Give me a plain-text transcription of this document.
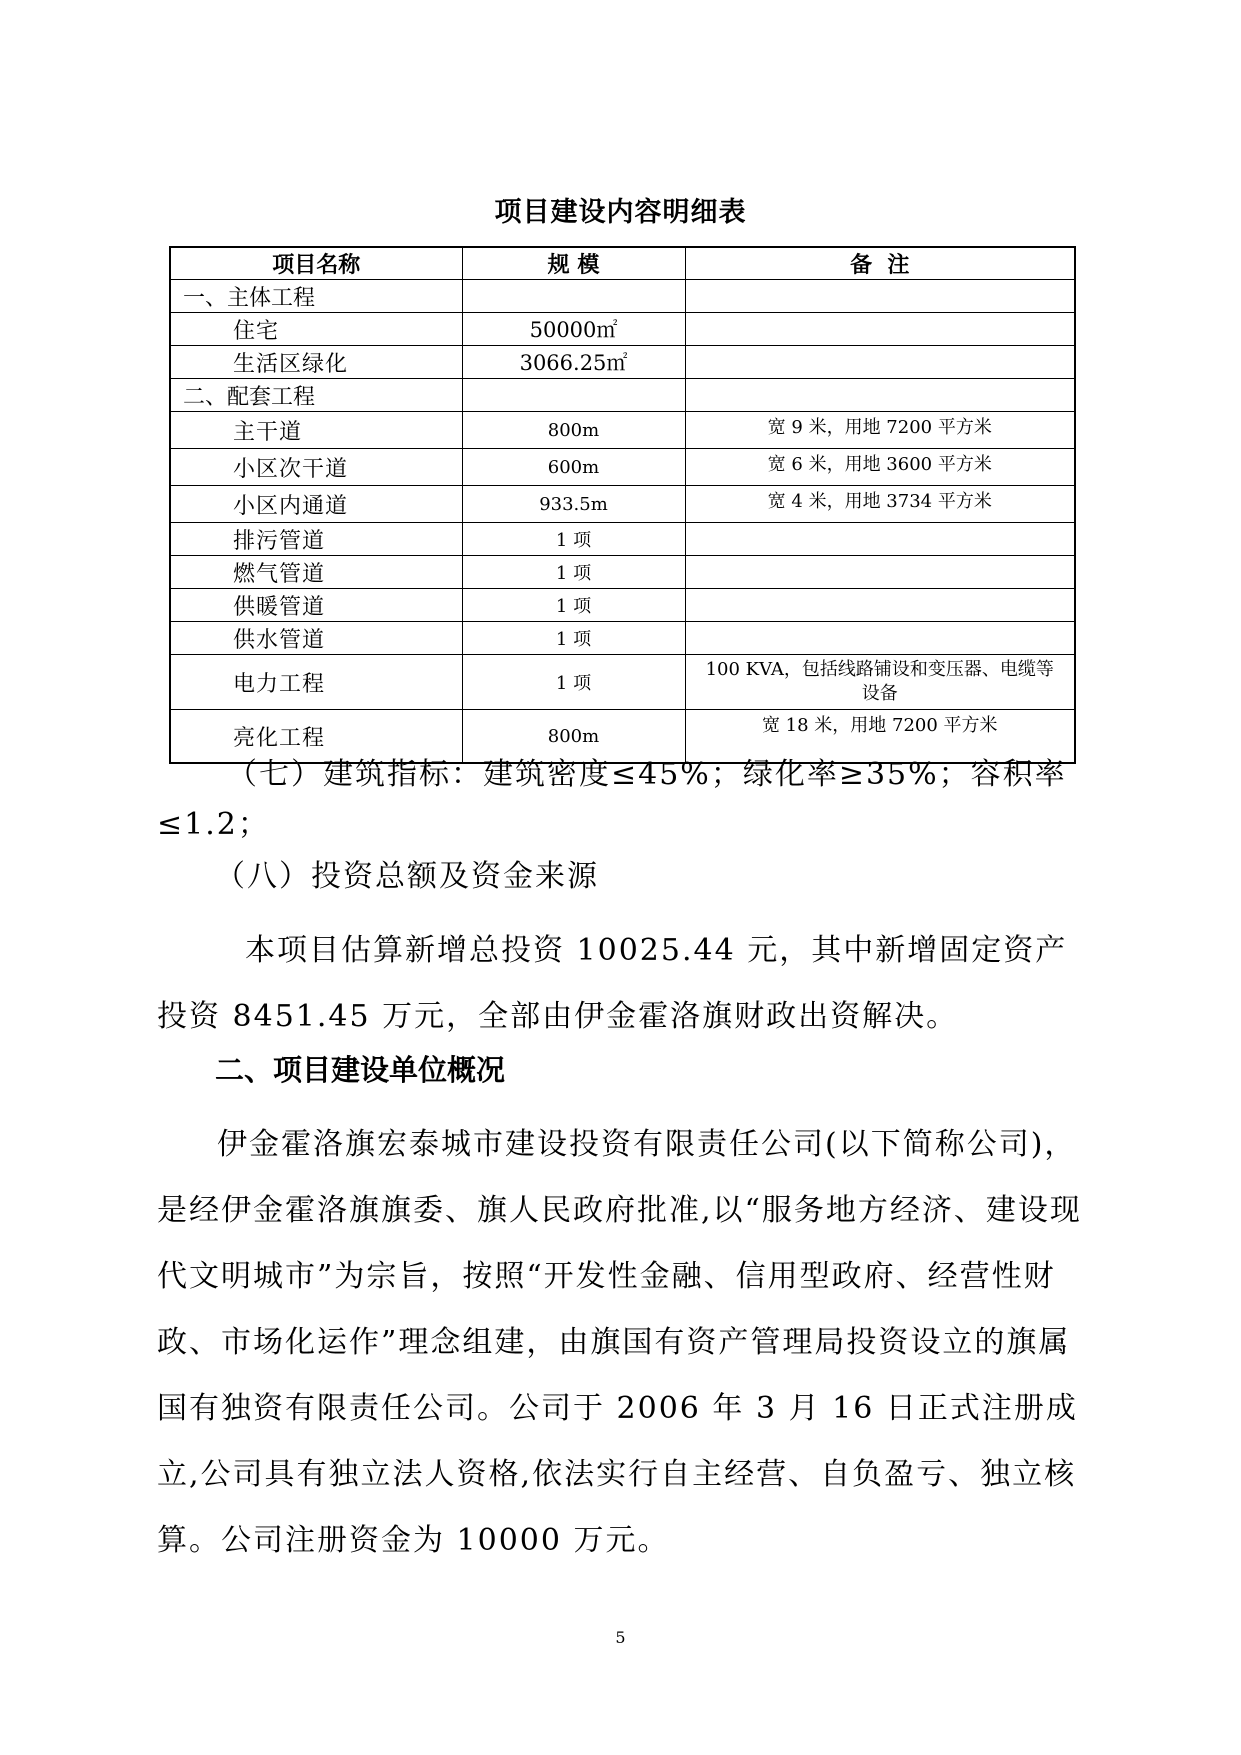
项目建设内容明细表
项目名称	规 模	备  注
一、主体工程		
住宅	50000㎡	
生活区绿化	3066.25㎡	
二、配套工程		
主干道	800m	宽 9 米，用地 7200 平方米
小区次干道	600m	宽 6 米，用地 3600 平方米
小区内通道	933.5m	宽 4 米，用地 3734 平方米
排污管道	1 项	
燃气管道	1 项	
供暖管道	1 项	
供水管道	1 项	
电力工程	1 项	100 KVA，包括线路铺设和变压器、电缆等设备
亮化工程	800m	宽 18 米，用地 7200 平方米
（七）建筑指标：建筑密度≤45%；绿化率≥35%；容积率≤1.2；
（八）投资总额及资金来源
本项目估算新增总投资 10025.44 元，其中新增固定资产投资 8451.45 万元，全部由伊金霍洛旗财政出资解决。
二、项目建设单位概况
伊金霍洛旗宏泰城市建设投资有限责任公司(以下简称公司)，是经伊金霍洛旗旗委、旗人民政府批准,以“服务地方经济、建设现代文明城市”为宗旨，按照“开发性金融、信用型政府、经营性财政、市场化运作”理念组建，由旗国有资产管理局投资设立的旗属国有独资有限责任公司。公司于 2006 年 3 月 16 日正式注册成立,公司具有独立法人资格,依法实行自主经营、自负盈亏、独立核算。公司注册资金为 10000 万元。
5
